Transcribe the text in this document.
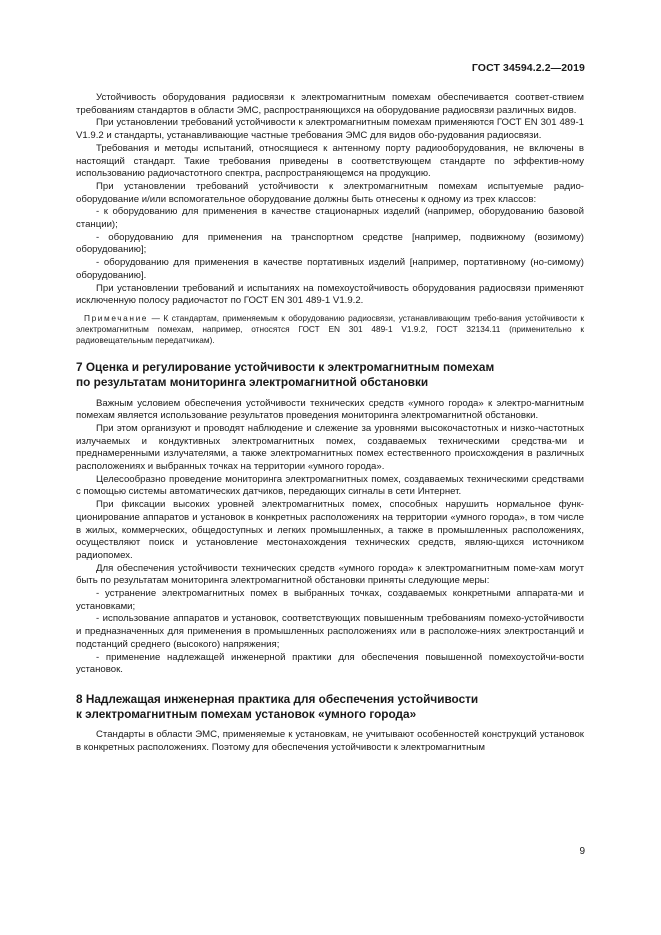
ГОСТ 34594.2.2—2019

Устойчивость оборудования радиосвязи к электромагнитным помехам обеспечивается соответ-ствием требованиям стандартов в области ЭМС, распространяющихся на оборудование радиосвязи различных видов.

При установлении требований устойчивости к электромагнитным помехам применяются ГОСТ EN 301 489-1 V1.9.2 и стандарты, устанавливающие частные требования ЭМС для видов обо-рудования радиосвязи.

Требования и методы испытаний, относящиеся к антенному порту радиооборудования, не включены в настоящий стандарт. Такие требования приведены в соответствующем стандарте по эффектив-ному использованию радиочастотного спектра, распространяющемся на продукцию.

При установлении требований устойчивости к электромагнитным помехам испытуемые радио-оборудование и/или вспомогательное оборудование должны быть отнесены к одному из трех классов:

- к оборудованию для применения в качестве стационарных изделий (например, оборудованию базовой станции);

- оборудованию для применения на транспортном средстве [например, подвижному (возимому) оборудованию];

- оборудованию для применения в качестве портативных изделий [например, портативному (но-симому) оборудованию].

При установлении требований и испытаниях на помехоустойчивость оборудования радиосвязи применяют исключенную полосу радиочастот по ГОСТ EN 301 489-1 V1.9.2.

Примечание — К стандартам, применяемым к оборудованию радиосвязи, устанавливающим требо-вания устойчивости к электромагнитным помехам, например, относятся ГОСТ EN 301 489-1 V1.9.2, ГОСТ 32134.11 (применительно к радиовещательным передатчикам).

7 Оценка и регулирование устойчивости к электромагнитным помехам
по результатам мониторинга электромагнитной обстановки

Важным условием обеспечения устойчивости технических средств «умного города» к электро-магнитным помехам является использование результатов проведения мониторинга электромагнитной обстановки.

При этом организуют и проводят наблюдение и слежение за уровнями высокочастотных и низко-частотных излучаемых и кондуктивных электромагнитных помех, создаваемых техническими средства-ми и преднамеренными излучателями, а также электромагнитных помех естественного происхождения в различных расположениях и выбранных точках на территории «умного города».

Целесообразно проведение мониторинга электромагнитных помех, создаваемых техническими средствами с помощью системы автоматических датчиков, передающих сигналы в сети Интернет.

При фиксации высоких уровней электромагнитных помех, способных нарушить нормальное функ-ционирование аппаратов и установок в конкретных расположениях на территории «умного города», в том числе в жилых, коммерческих, общедоступных и легких промышленных, а также в промышленных расположениях, осуществляют поиск и установление местонахождения технических средств, являю-щихся источником радиопомех.

Для обеспечения устойчивости технических средств «умного города» к электромагнитным поме-хам могут быть по результатам мониторинга электромагнитной обстановки приняты следующие меры:

- устранение электромагнитных помех в выбранных точках, создаваемых конкретными аппарата-ми и установками;

- использование аппаратов и установок, соответствующих повышенным требованиям помехо-устойчивости и предназначенных для применения в промышленных расположениях или в расположе-ниях электростанций и подстанций среднего (высокого) напряжения;

- применение надлежащей инженерной практики для обеспечения повышенной помехоустойчи-вости установок.

8 Надлежащая инженерная практика для обеспечения устойчивости
к электромагнитным помехам установок «умного города»

Стандарты в области ЭМС, применяемые к установкам, не учитывают особенностей конструкций установок в конкретных расположениях. Поэтому для обеспечения устойчивости к электромагнитным

9
